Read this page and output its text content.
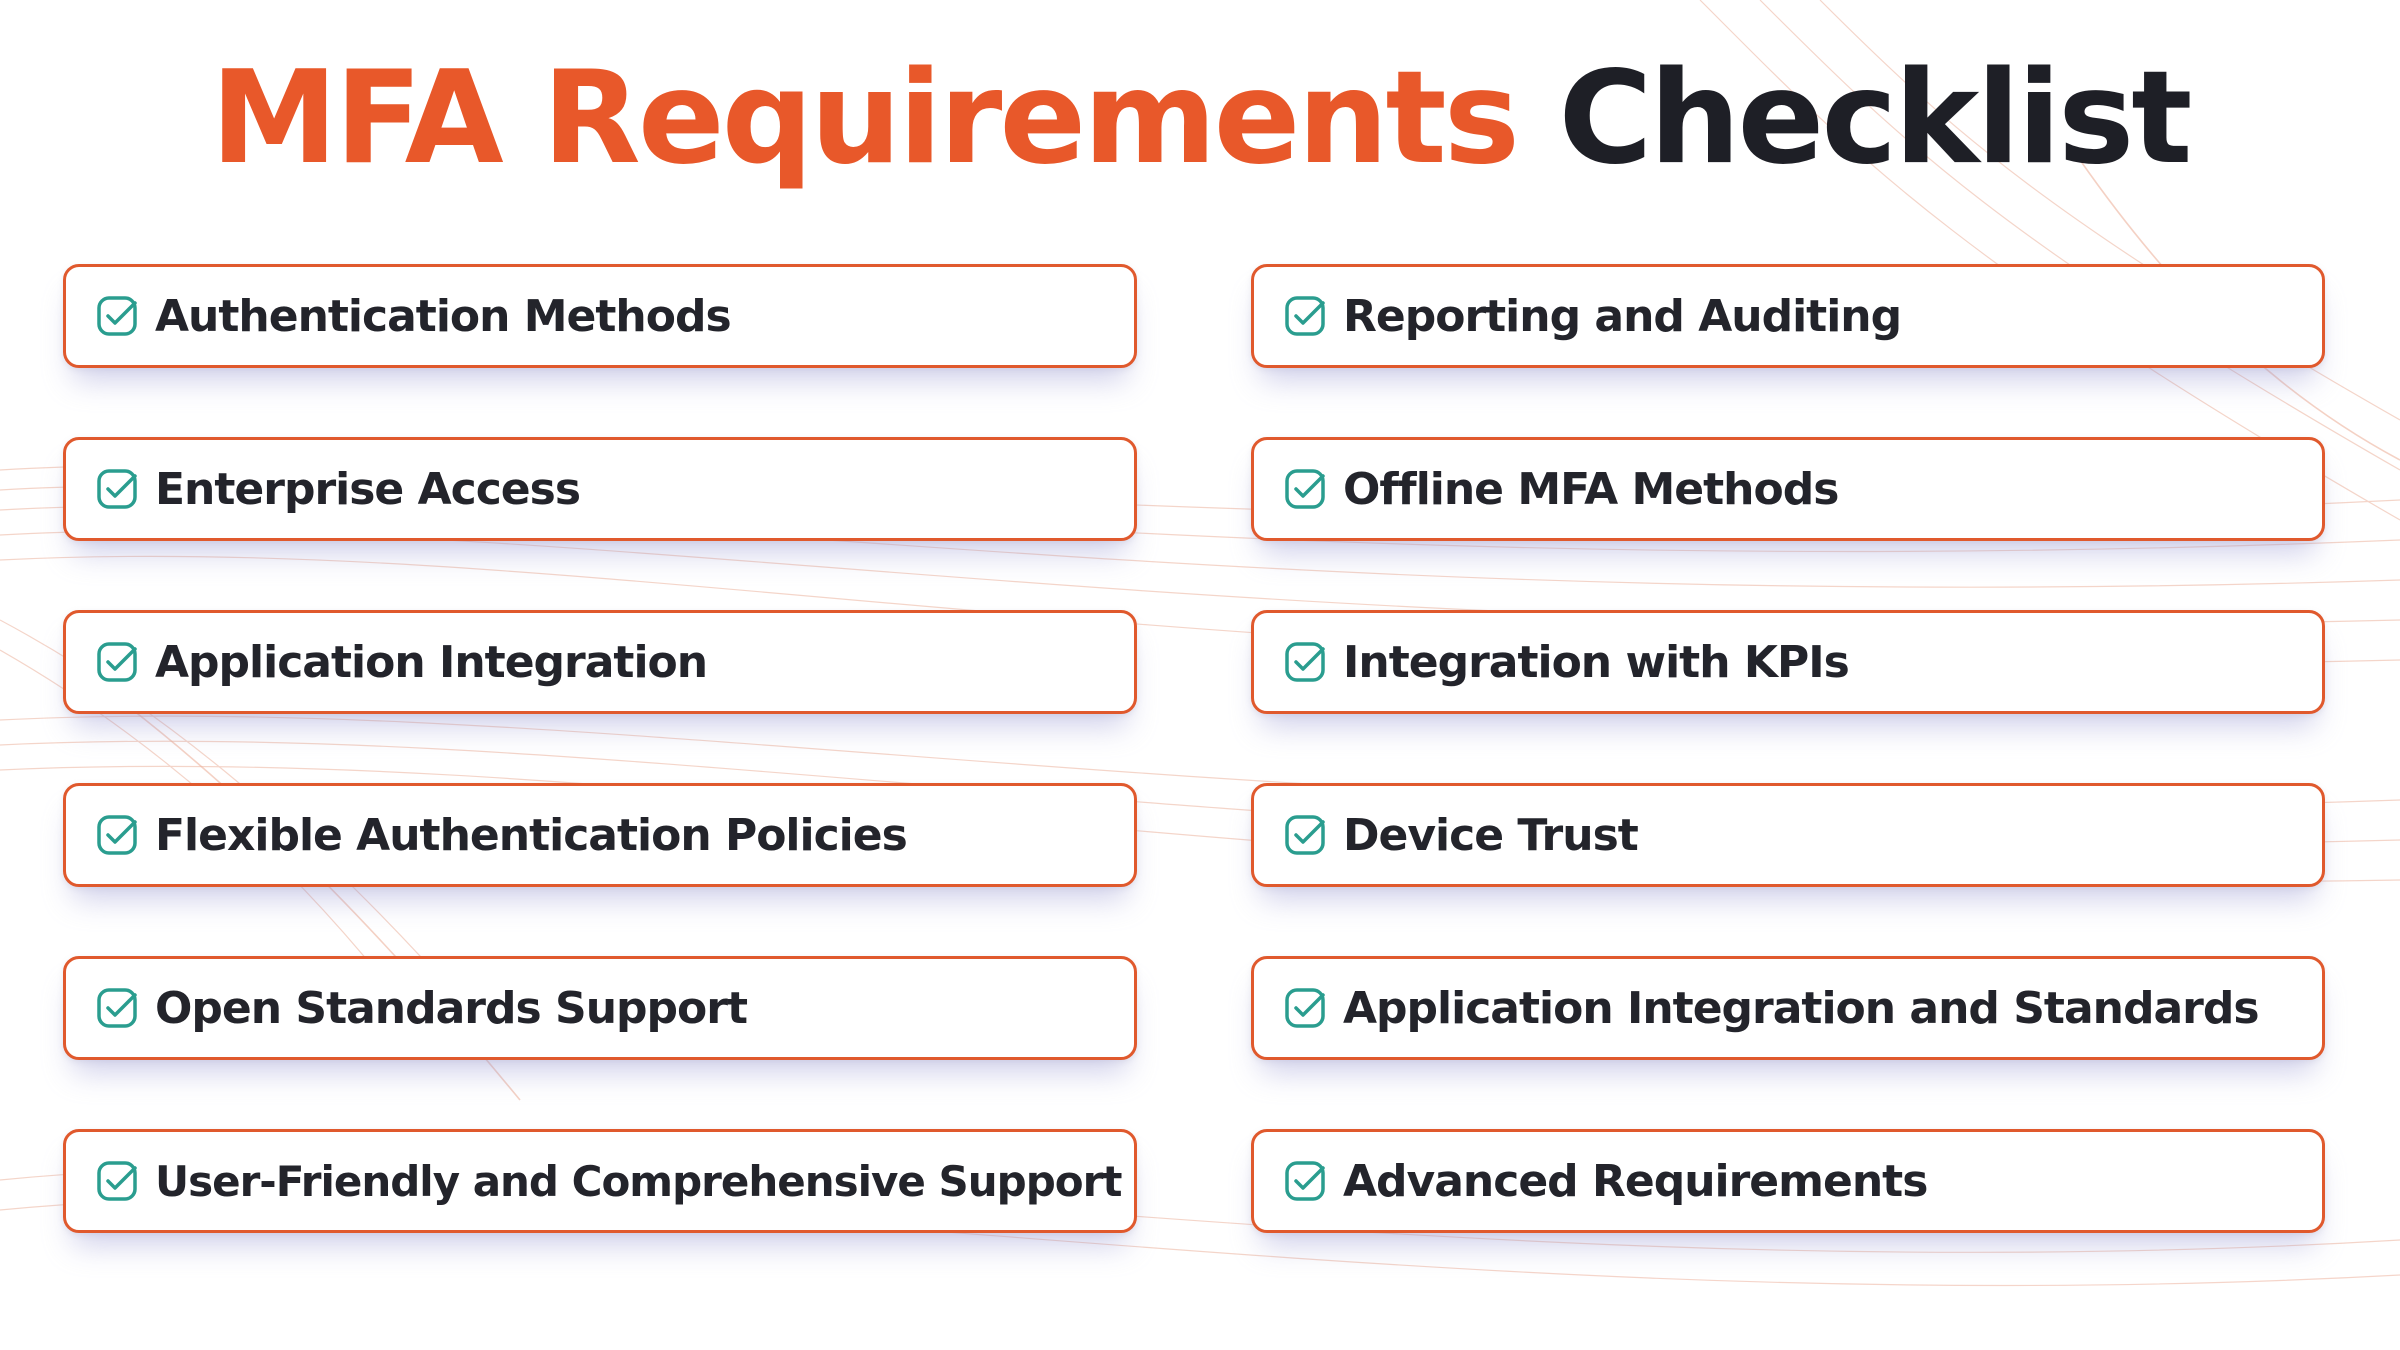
MFA Requirements Checklist
Authentication Methods
Enterprise Access
Application Integration
Flexible Authentication Policies
Open Standards Support
User-Friendly and Comprehensive Support
Reporting and Auditing
Offline MFA Methods
Integration with KPIs
Device Trust
Application Integration and Standards
Advanced Requirements
